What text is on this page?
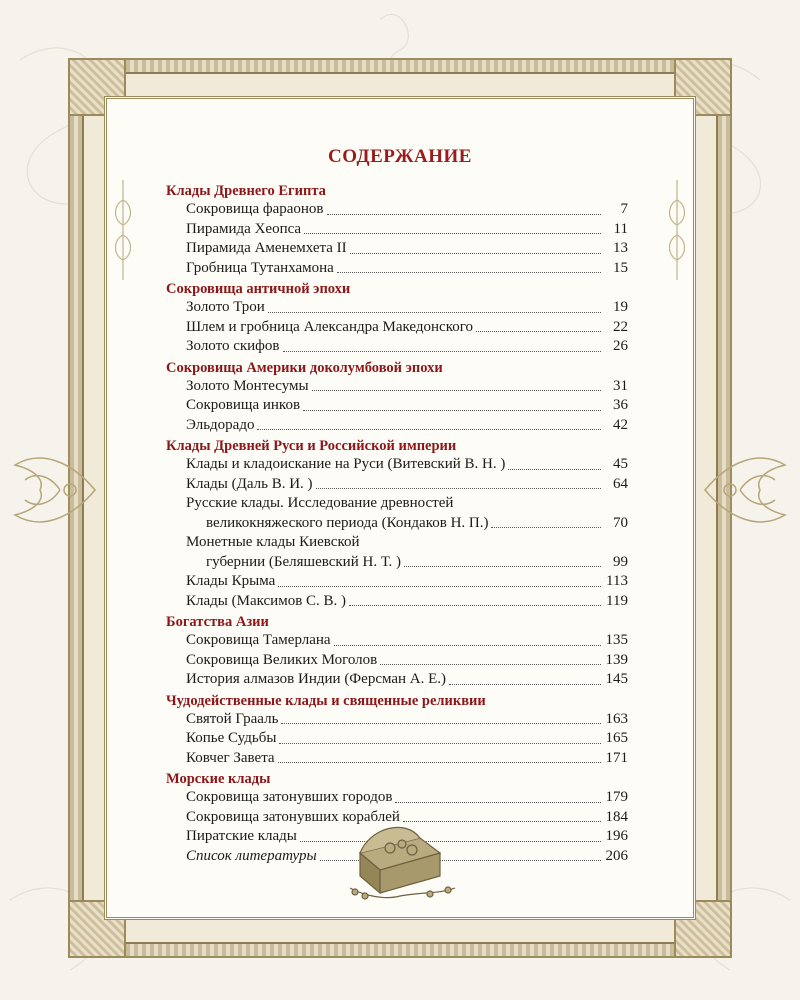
СОДЕРЖАНИЕ
Клады Древнего Египта
Сокровища фараонов	7
Пирамида Хеопса	11
Пирамида Аменемхета II	13
Гробница Тутанхамона	15
Сокровища античной эпохи
Золото Трои	19
Шлем и гробница Александра Македонского	22
Золото скифов	26
Сокровища Америки доколумбовой эпохи
Золото Монтесумы	31
Сокровища инков	36
Эльдорадо	42
Клады Древней Руси и Российской империи
Клады и кладоискание на Руси (Витевский В. Н. )	45
Клады (Даль В. И. )	64
Русские клады. Исследование древностей
великокняжеского периода (Кондаков Н. П.)	70
Монетные клады Киевской
губернии (Беляшевский Н. Т. )	99
Клады Крыма	113
Клады (Максимов С. В. )	119
Богатства Азии
Сокровища Тамерлана	135
Сокровища Великих Моголов	139
История алмазов Индии (Ферсман А. Е.)	145
Чудодейственные клады и священные реликвии
Святой Грааль	163
Копье Судьбы	165
Ковчег Завета	171
Морские клады
Сокровища затонувших городов	179
Сокровища затонувших кораблей	184
Пиратские клады	196
Список литературы	206
